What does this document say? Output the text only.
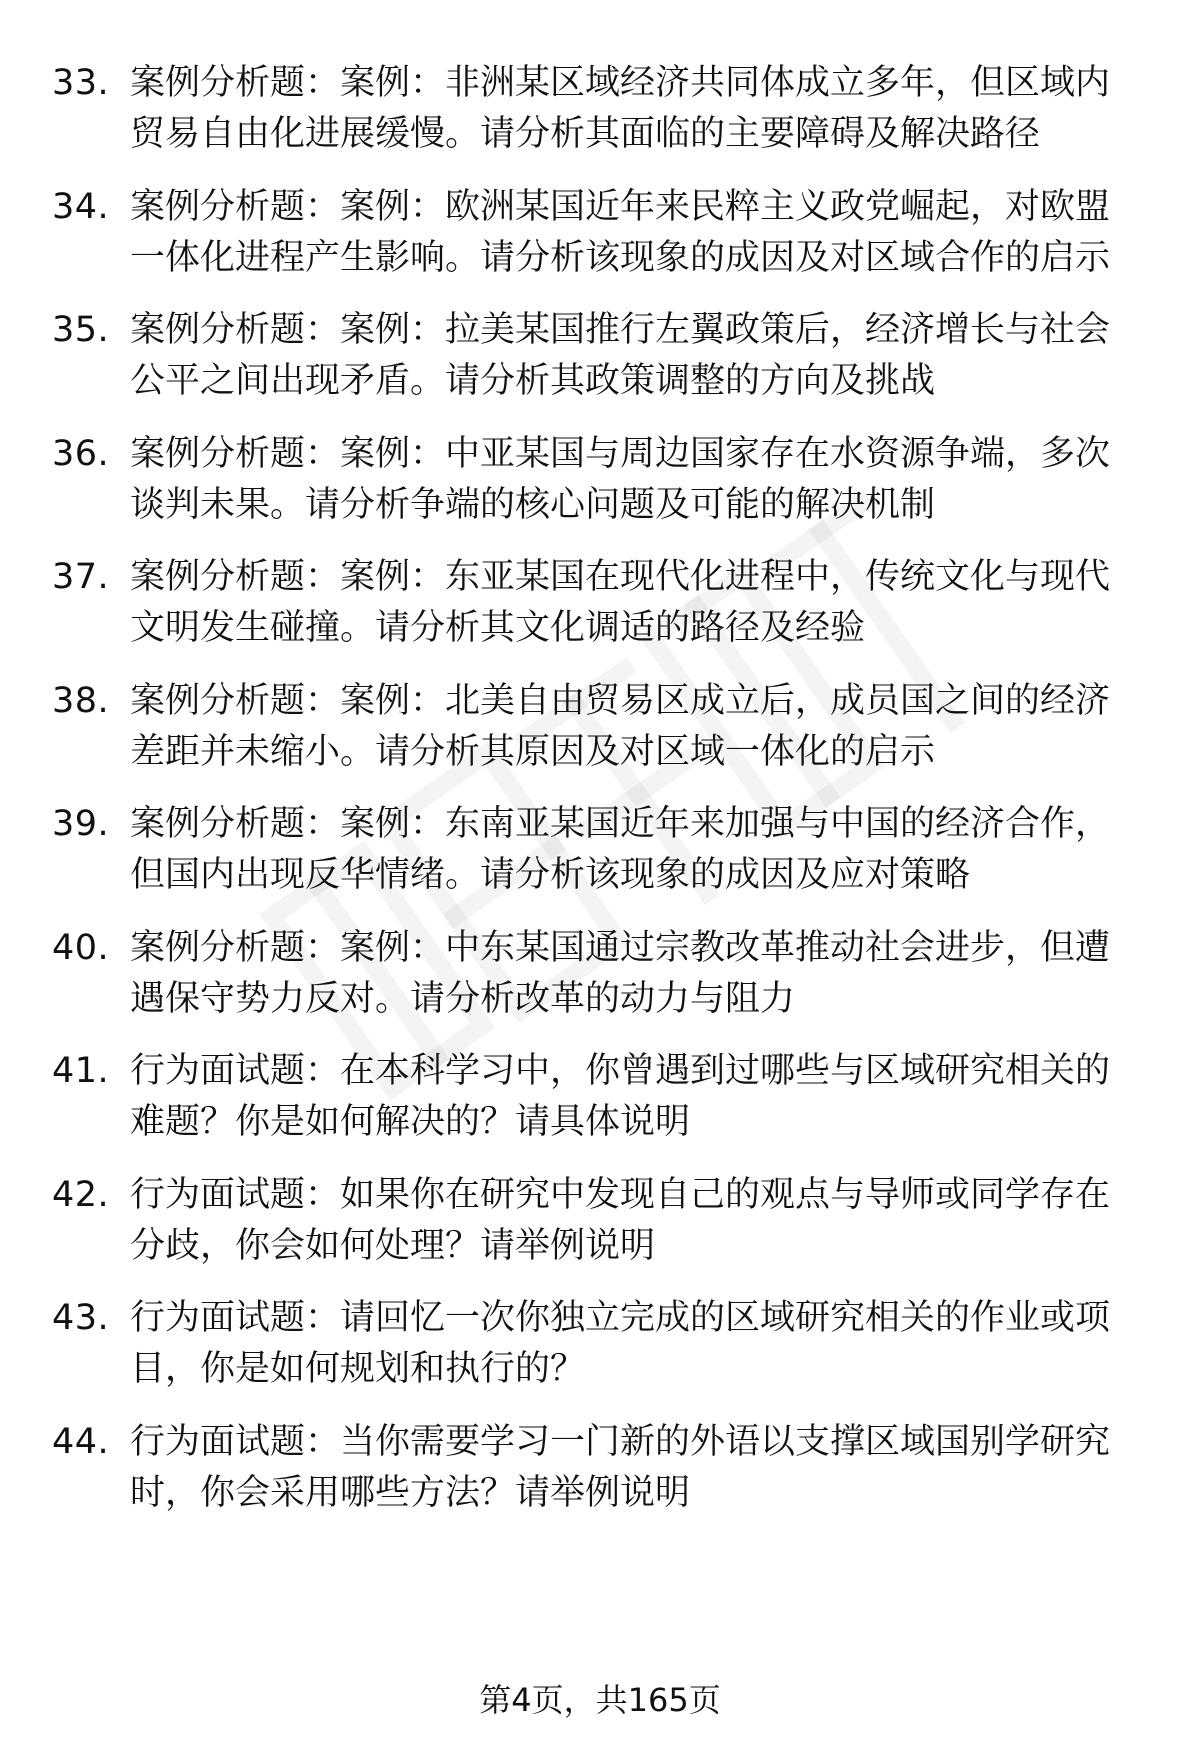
33. 案例分析题：案例：非洲某区域经济共同体成立多年，但区域内贸易自由化进展缓慢。请分析其面临的主要障碍及解决路径
34. 案例分析题：案例：欧洲某国近年来民粹主义政党崛起，对欧盟一体化进程产生影响。请分析该现象的成因及对区域合作的启示
35. 案例分析题：案例：拉美某国推行左翼政策后，经济增长与社会公平之间出现矛盾。请分析其政策调整的方向及挑战
36. 案例分析题：案例：中亚某国与周边国家存在水资源争端，多次谈判未果。请分析争端的核心问题及可能的解决机制
37. 案例分析题：案例：东亚某国在现代化进程中，传统文化与现代文明发生碰撞。请分析其文化调适的路径及经验
38. 案例分析题：案例：北美自由贸易区成立后，成员国之间的经济差距并未缩小。请分析其原因及对区域一体化的启示
39. 案例分析题：案例：东南亚某国近年来加强与中国的经济合作，但国内出现反华情绪。请分析该现象的成因及应对策略
40. 案例分析题：案例：中东某国通过宗教改革推动社会进步，但遭遇保守势力反对。请分析改革的动力与阻力
41. 行为面试题：在本科学习中，你曾遇到过哪些与区域研究相关的难题？你是如何解决的？请具体说明
42. 行为面试题：如果你在研究中发现自己的观点与导师或同学存在分歧，你会如何处理？请举例说明
43. 行为面试题：请回忆一次你独立完成的区域研究相关的作业或项目，你是如何规划和执行的？
44. 行为面试题：当你需要学习一门新的外语以支撑区域国别学研究时，你会采用哪些方法？请举例说明
第4页，共165页
